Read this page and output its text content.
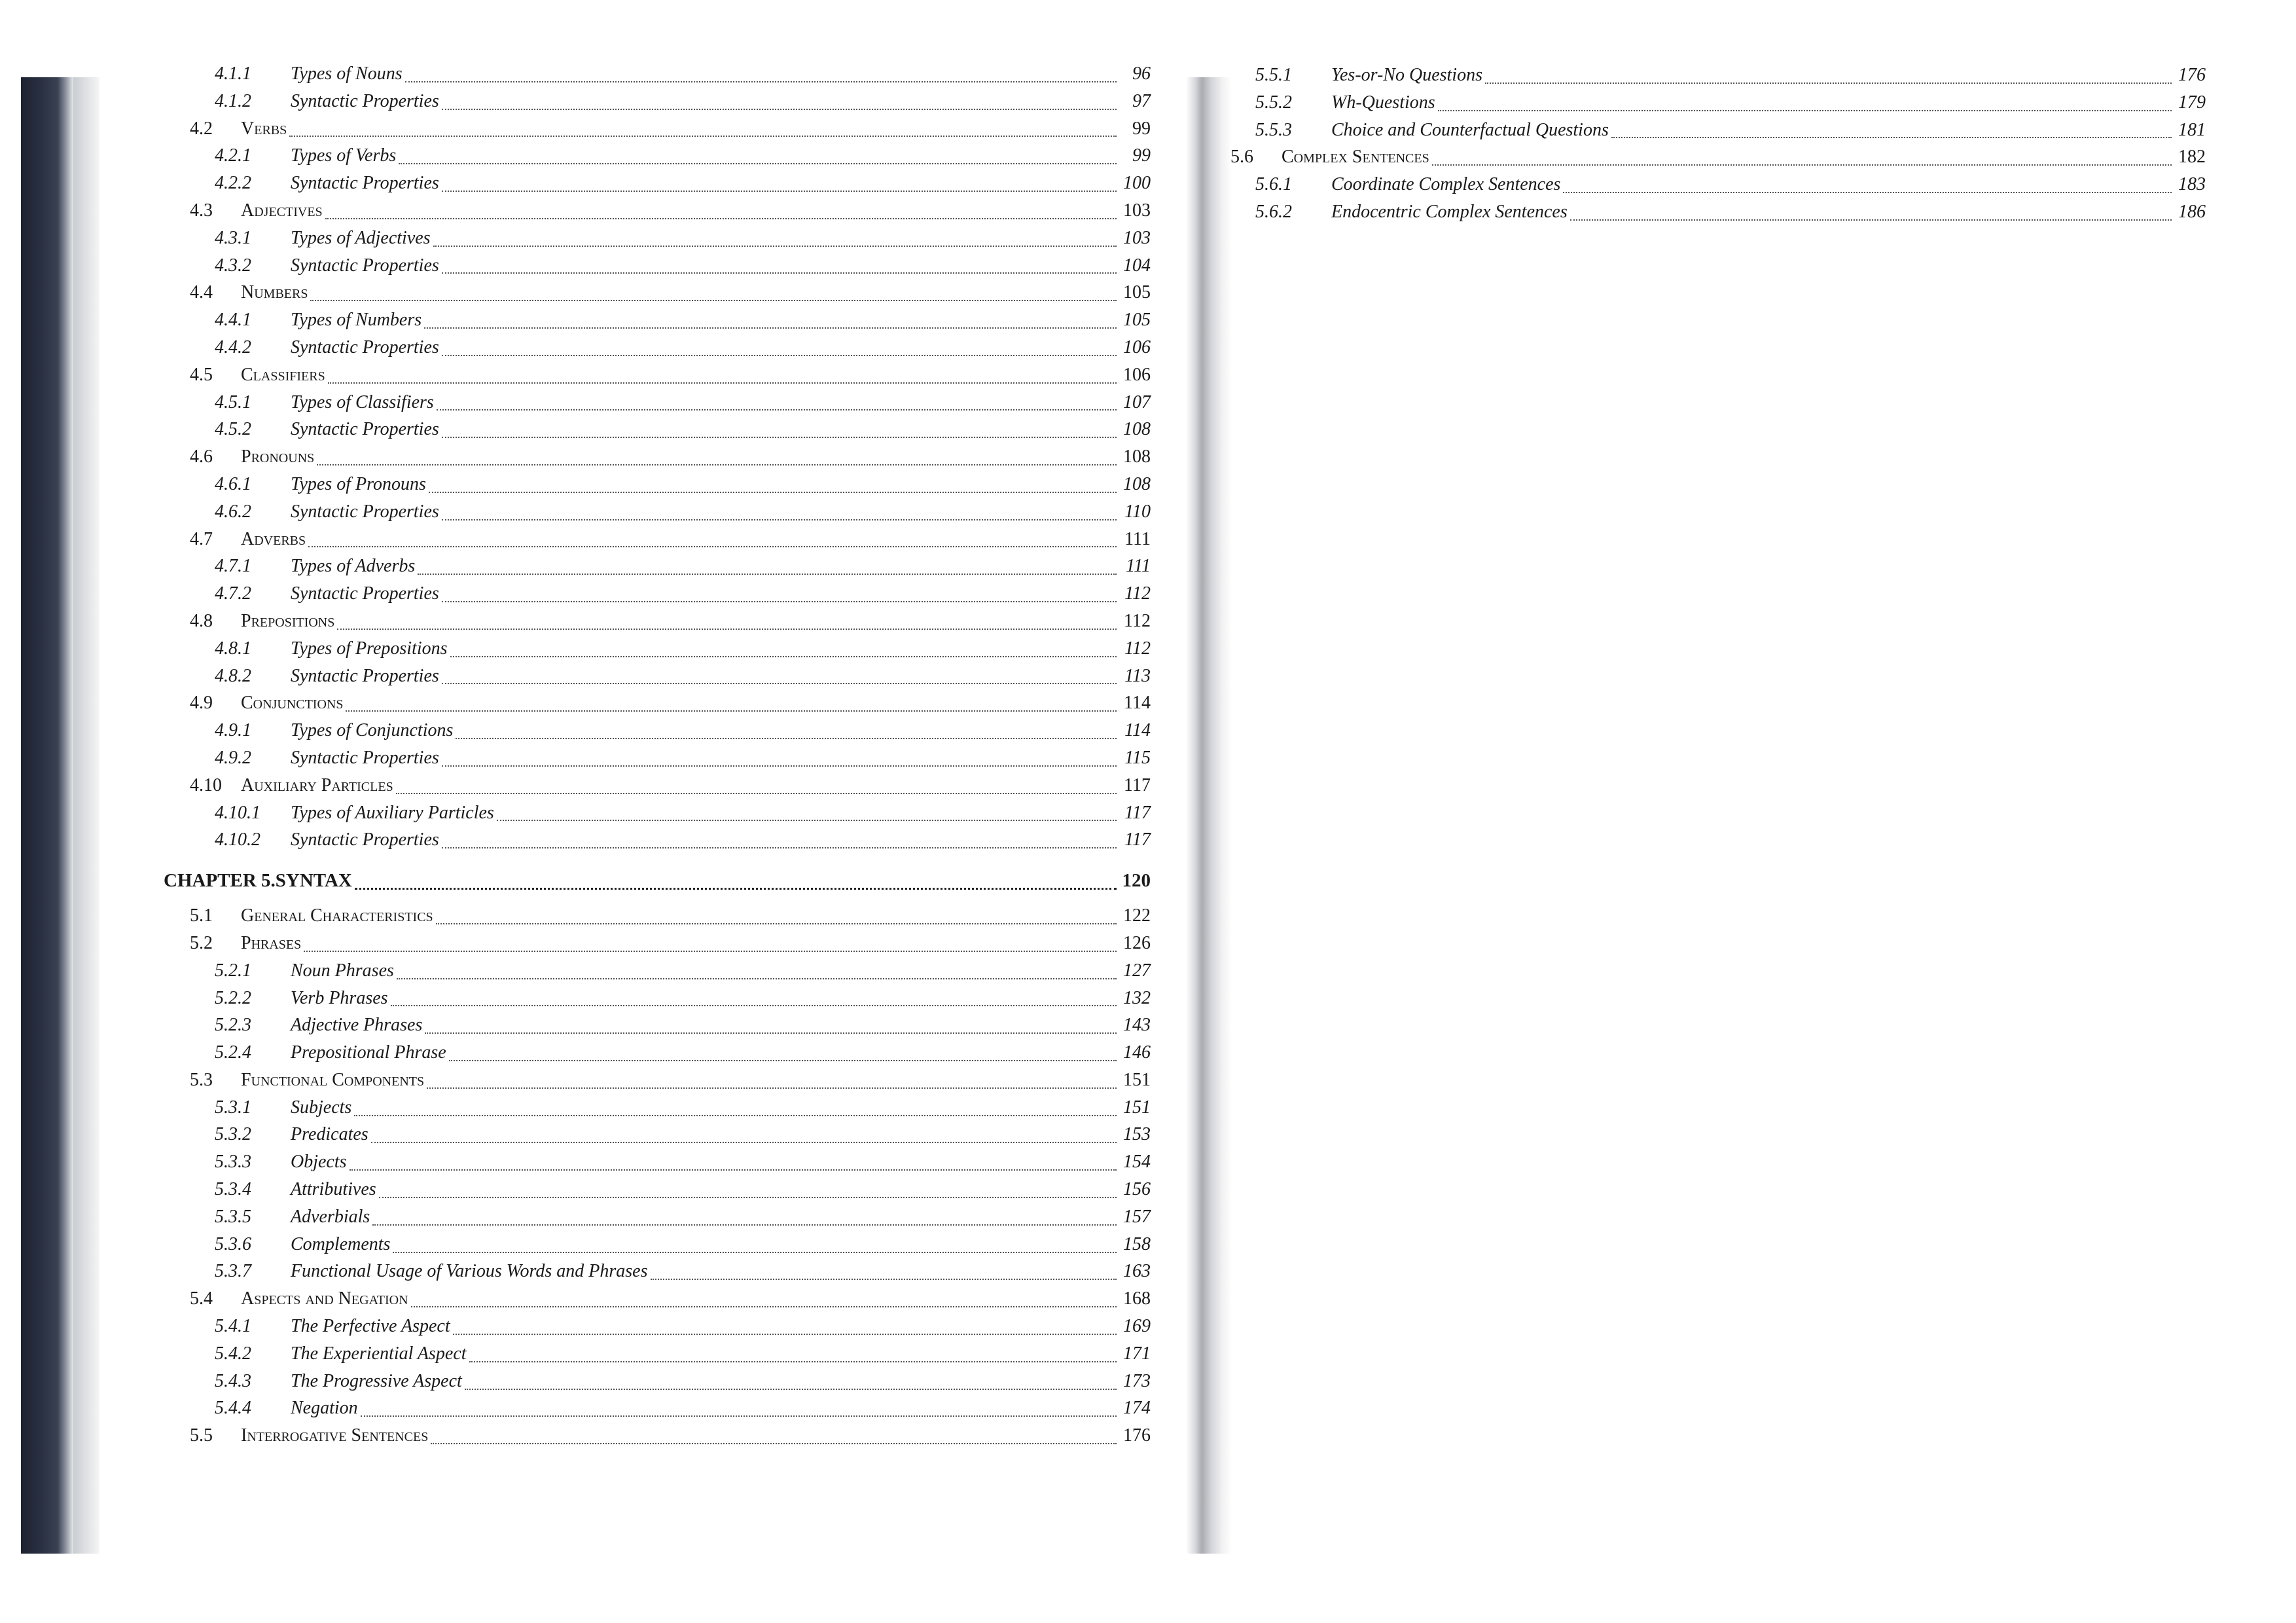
4.1.1	Types of Nouns	96
4.1.2	Syntactic Properties	97
4.2	Verbs	99
4.2.1	Types of Verbs	99
4.2.2	Syntactic Properties	100
4.3	Adjectives	103
4.3.1	Types of Adjectives	103
4.3.2	Syntactic Properties	104
4.4	Numbers	105
4.4.1	Types of Numbers	105
4.4.2	Syntactic Properties	106
4.5	Classifiers	106
4.5.1	Types of Classifiers	107
4.5.2	Syntactic Properties	108
4.6	Pronouns	108
4.6.1	Types of Pronouns	108
4.6.2	Syntactic Properties	110
4.7	Adverbs	111
4.7.1	Types of Adverbs	111
4.7.2	Syntactic Properties	112
4.8	Prepositions	112
4.8.1	Types of Prepositions	112
4.8.2	Syntactic Properties	113
4.9	Conjunctions	114
4.9.1	Types of Conjunctions	114
4.9.2	Syntactic Properties	115
4.10	Auxiliary Particles	117
4.10.1	Types of Auxiliary Particles	117
4.10.2	Syntactic Properties	117
CHAPTER 5.SYNTAX	120
5.1	General Characteristics	122
5.2	Phrases	126
5.2.1	Noun Phrases	127
5.2.2	Verb Phrases	132
5.2.3	Adjective Phrases	143
5.2.4	Prepositional Phrase	146
5.3	Functional Components	151
5.3.1	Subjects	151
5.3.2	Predicates	153
5.3.3	Objects	154
5.3.4	Attributives	156
5.3.5	Adverbials	157
5.3.6	Complements	158
5.3.7	Functional Usage of Various Words and Phrases	163
5.4	Aspects and Negation	168
5.4.1	The Perfective Aspect	169
5.4.2	The Experiential Aspect	171
5.4.3	The Progressive Aspect	173
5.4.4	Negation	174
5.5	Interrogative Sentences	176
5.5.1	Yes-or-No Questions	176
5.5.2	Wh-Questions	179
5.5.3	Choice and Counterfactual Questions	181
5.6	Complex Sentences	182
5.6.1	Coordinate Complex Sentences	183
5.6.2	Endocentric Complex Sentences	186
